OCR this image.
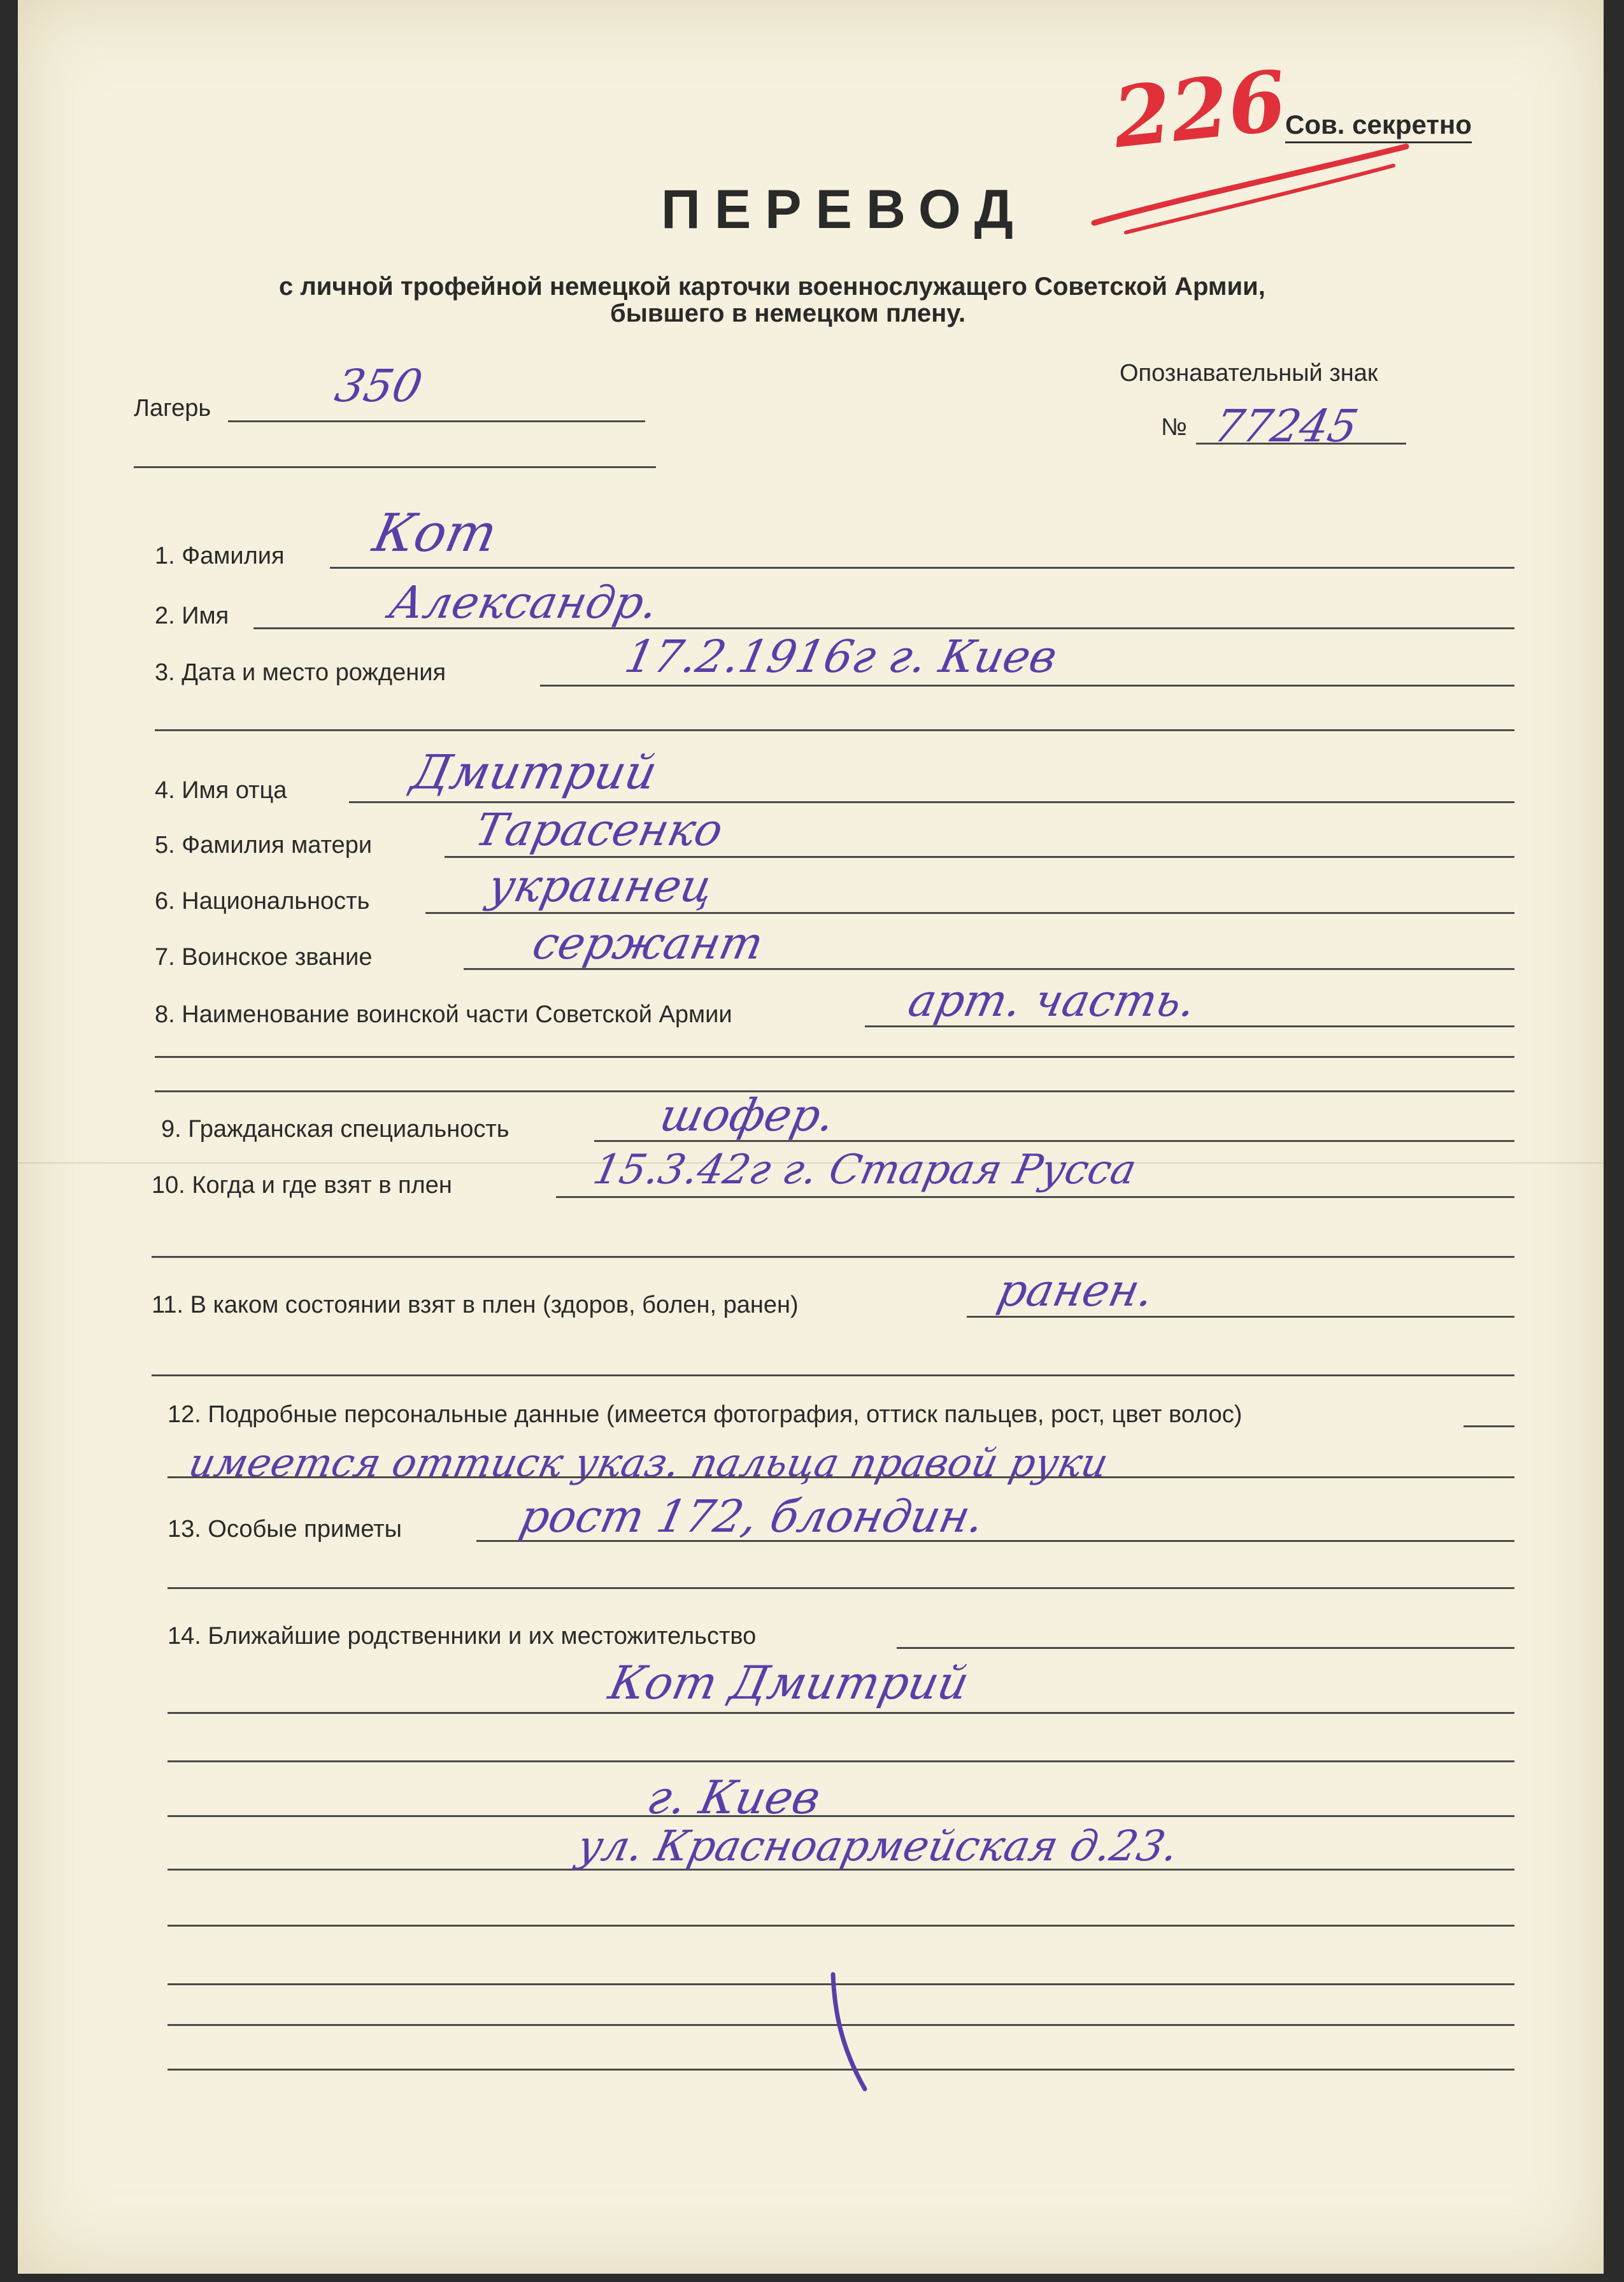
226
Сов. секретно
ПЕРЕВОД
с личной трофейной немецкой карточки военнослужащего Советской Армии,
бывшего в немецком плену.
Лагерь	350	Опознавательный знак
№ 77245
1. Фамилия Кот
2. Имя	Александр.
3. Дата и место рождения	17.2.1916г г. Киев
4. Имя отца	Дмитрий
5. Фамилия матери Тарасенко
6. Национальность	украинец
7. Воинское звание	сержант
8. Наименование воинской части Советской Армии	арт. часть.
9. Гражданская специальность	шофер.
10. Когда и где взят в плен	15.3.42г г. Старая Русса
11. В каком состоянии взят в плен (здоров, болен, ранен)	ранен.
12. Подробные персональные данные (имеется фотография, оттиск пальцев, рост, цвет волос)
имеется оттиск указ. пальца правой руки
13. Особые приметы	рост 172, блондин.
14. Ближайшие родственники и их местожительство
Кот Дмитрий
г. Киев
ул. Красноармейская д.23.
